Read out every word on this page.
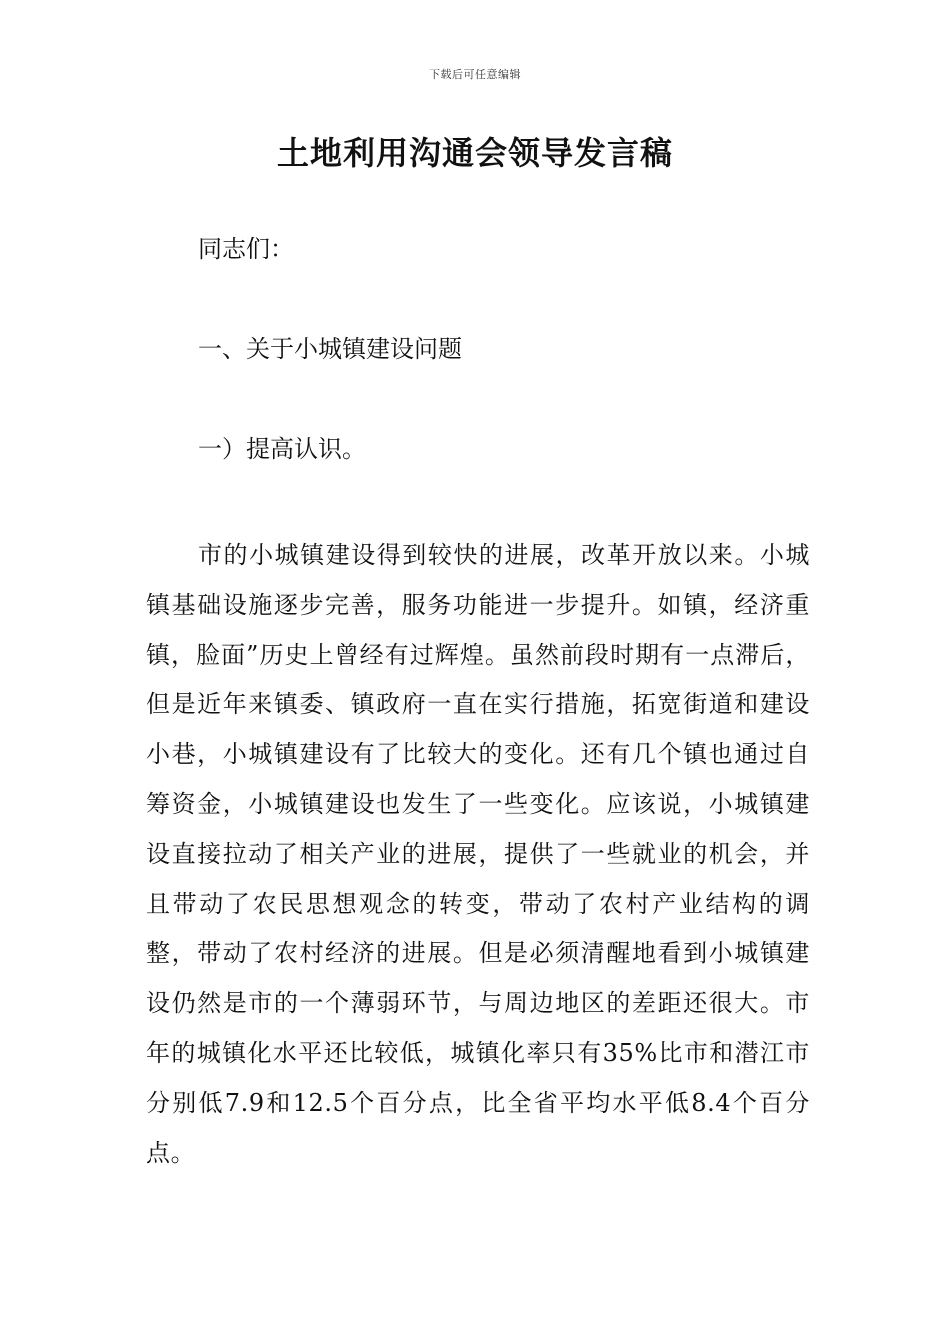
下载后可任意编辑
土地利用沟通会领导发言稿
同志们：
一、关于小城镇建设问题
一）提高认识。

市的小城镇建设得到较快的进展，改革开放以来。小城镇基础设施逐步完善，服务功能进一步提升。如镇，经济重镇，脸面”历史上曾经有过辉煌。虽然前段时期有一点滞后，但是近年来镇委、镇政府一直在实行措施，拓宽街道和建设小巷，小城镇建设有了比较大的变化。还有几个镇也通过自筹资金，小城镇建设也发生了一些变化。应该说，小城镇建设直接拉动了相关产业的进展，提供了一些就业的机会，并且带动了农民思想观念的转变，带动了农村产业结构的调整，带动了农村经济的进展。但是必须清醒地看到小城镇建设仍然是市的一个薄弱环节，与周边地区的差距还很大。市年的城镇化水平还比较低，城镇化率只有35%比市和潜江市分别低7.9和12.5个百分点，比全省平均水平低8.4个百分点。
